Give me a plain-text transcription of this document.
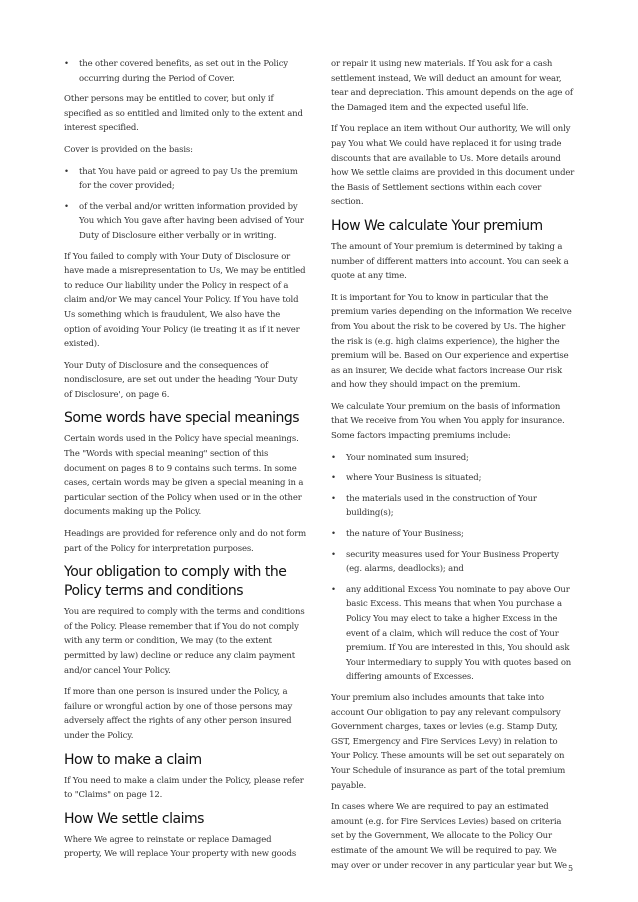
• the other covered benefits, as set out in the Policy occurring during the Period of Cover.

Other persons may be entitled to cover, but only if specified as so entitled and limited only to the extent and interest specified.

Cover is provided on the basis:

• that You have paid or agreed to pay Us the premium for the cover provided;
• of the verbal and/or written information provided by You which You gave after having been advised of Your Duty of Disclosure either verbally or in writing.

If You failed to comply with Your Duty of Disclosure or have made a misrepresentation to Us, We may be entitled to reduce Our liability under the Policy in respect of a claim and/or We may cancel Your Policy. If You have told Us something which is fraudulent, We also have the option of avoiding Your Policy (ie treating it as if it never existed).

Your Duty of Disclosure and the consequences of nondisclosure, are set out under the heading 'Your Duty of Disclosure', on page 6.

Some words have special meanings

Certain words used in the Policy have special meanings. The "Words with special meaning" section of this document on pages 8 to 9 contains such terms. In some cases, certain words may be given a special meaning in a particular section of the Policy when used or in the other documents making up the Policy.

Headings are provided for reference only and do not form part of the Policy for interpretation purposes.

Your obligation to comply with the Policy terms and conditions

You are required to comply with the terms and conditions of the Policy. Please remember that if You do not comply with any term or condition, We may (to the extent permitted by law) decline or reduce any claim payment and/or cancel Your Policy.

If more than one person is insured under the Policy, a failure or wrongful action by one of those persons may adversely affect the rights of any other person insured under the Policy.

How to make a claim

If You need to make a claim under the Policy, please refer to "Claims" on page 12.

How We settle claims

Where We agree to reinstate or replace Damaged property, We will replace Your property with new goods

or repair it using new materials. If You ask for a cash settlement instead, We will deduct an amount for wear, tear and depreciation. This amount depends on the age of the Damaged item and the expected useful life.

If You replace an item without Our authority, We will only pay You what We could have replaced it for using trade discounts that are available to Us. More details around how We settle claims are provided in this document under the Basis of Settlement sections within each cover section.

How We calculate Your premium

The amount of Your premium is determined by taking a number of different matters into account. You can seek a quote at any time.

It is important for You to know in particular that the premium varies depending on the information We receive from You about the risk to be covered by Us. The higher the risk is (e.g. high claims experience), the higher the premium will be. Based on Our experience and expertise as an insurer, We decide what factors increase Our risk and how they should impact on the premium.

We calculate Your premium on the basis of information that We receive from You when You apply for insurance. Some factors impacting premiums include:

• Your nominated sum insured;
• where Your Business is situated;
• the materials used in the construction of Your building(s);
• the nature of Your Business;
• security measures used for Your Business Property (eg. alarms, deadlocks); and
• any additional Excess You nominate to pay above Our basic Excess. This means that when You purchase a Policy You may elect to take a higher Excess in the event of a claim, which will reduce the cost of Your premium. If You are interested in this, You should ask Your intermediary to supply You with quotes based on differing amounts of Excesses.

Your premium also includes amounts that take into account Our obligation to pay any relevant compulsory Government charges, taxes or levies (e.g. Stamp Duty, GST, Emergency and Fire Services Levy) in relation to Your Policy. These amounts will be set out separately on Your Schedule of insurance as part of the total premium payable.

In cases where We are required to pay an estimated amount (e.g. for Fire Services Levies) based on criteria set by the Government, We allocate to the Policy Our estimate of the amount We will be required to pay. We may over or under recover in any particular year but We 5
